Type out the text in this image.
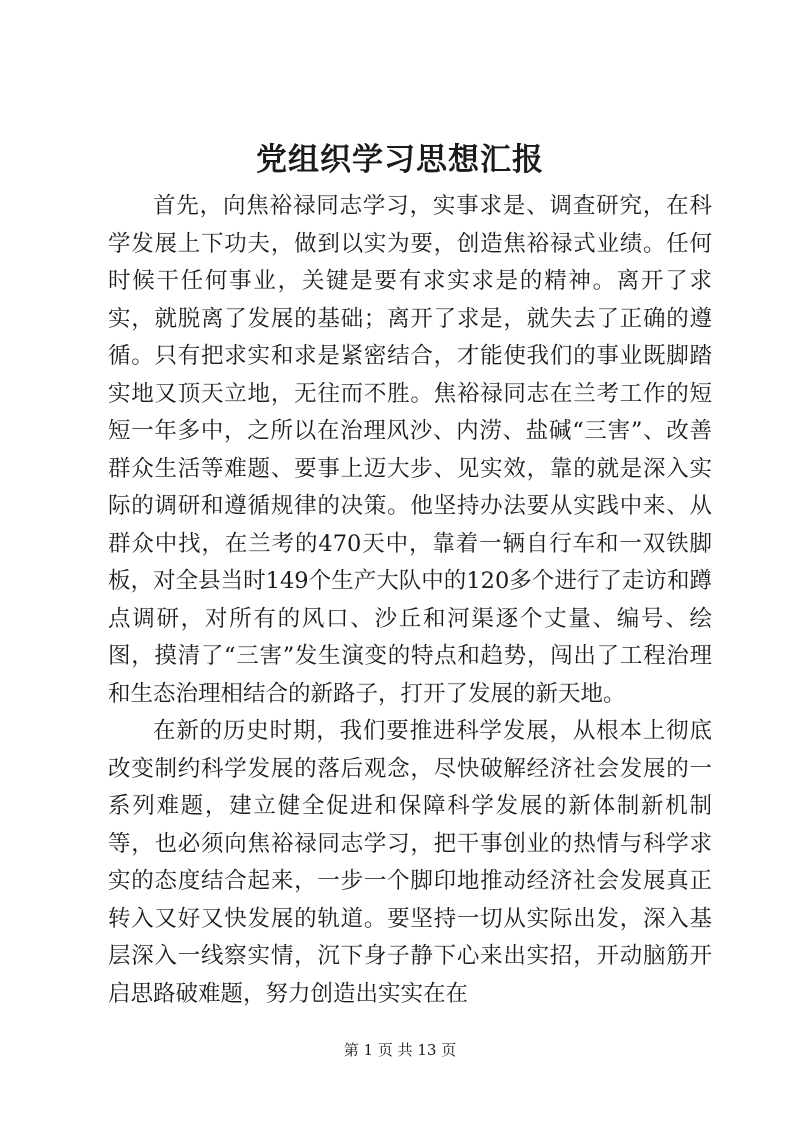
党组织学习思想汇报

首先，向焦裕禄同志学习，实事求是、调查研究，在科学发展上下功夫，做到以实为要，创造焦裕禄式业绩。任何时候干任何事业，关键是要有求实求是的精神。离开了求实，就脱离了发展的基础；离开了求是，就失去了正确的遵循。只有把求实和求是紧密结合，才能使我们的事业既脚踏实地又顶天立地，无往而不胜。焦裕禄同志在兰考工作的短短一年多中，之所以在治理风沙、内涝、盐碱“三害”、改善群众生活等难题、要事上迈大步、见实效，靠的就是深入实际的调研和遵循规律的决策。他坚持办法要从实践中来、从群众中找，在兰考的470天中，靠着一辆自行车和一双铁脚板，对全县当时149个生产大队中的120多个进行了走访和蹲点调研，对所有的风口、沙丘和河渠逐个丈量、编号、绘图，摸清了“三害”发生演变的特点和趋势，闯出了工程治理和生态治理相结合的新路子，打开了发展的新天地。

在新的历史时期，我们要推进科学发展，从根本上彻底改变制约科学发展的落后观念，尽快破解经济社会发展的一系列难题，建立健全促进和保障科学发展的新体制新机制等，也必须向焦裕禄同志学习，把干事创业的热情与科学求实的态度结合起来，一步一个脚印地推动经济社会发展真正转入又好又快发展的轨道。要坚持一切从实际出发，深入基层深入一线察实情，沉下身子静下心来出实招，开动脑筋开启思路破难题，努力创造出实实在在

第 1 页 共 13 页
